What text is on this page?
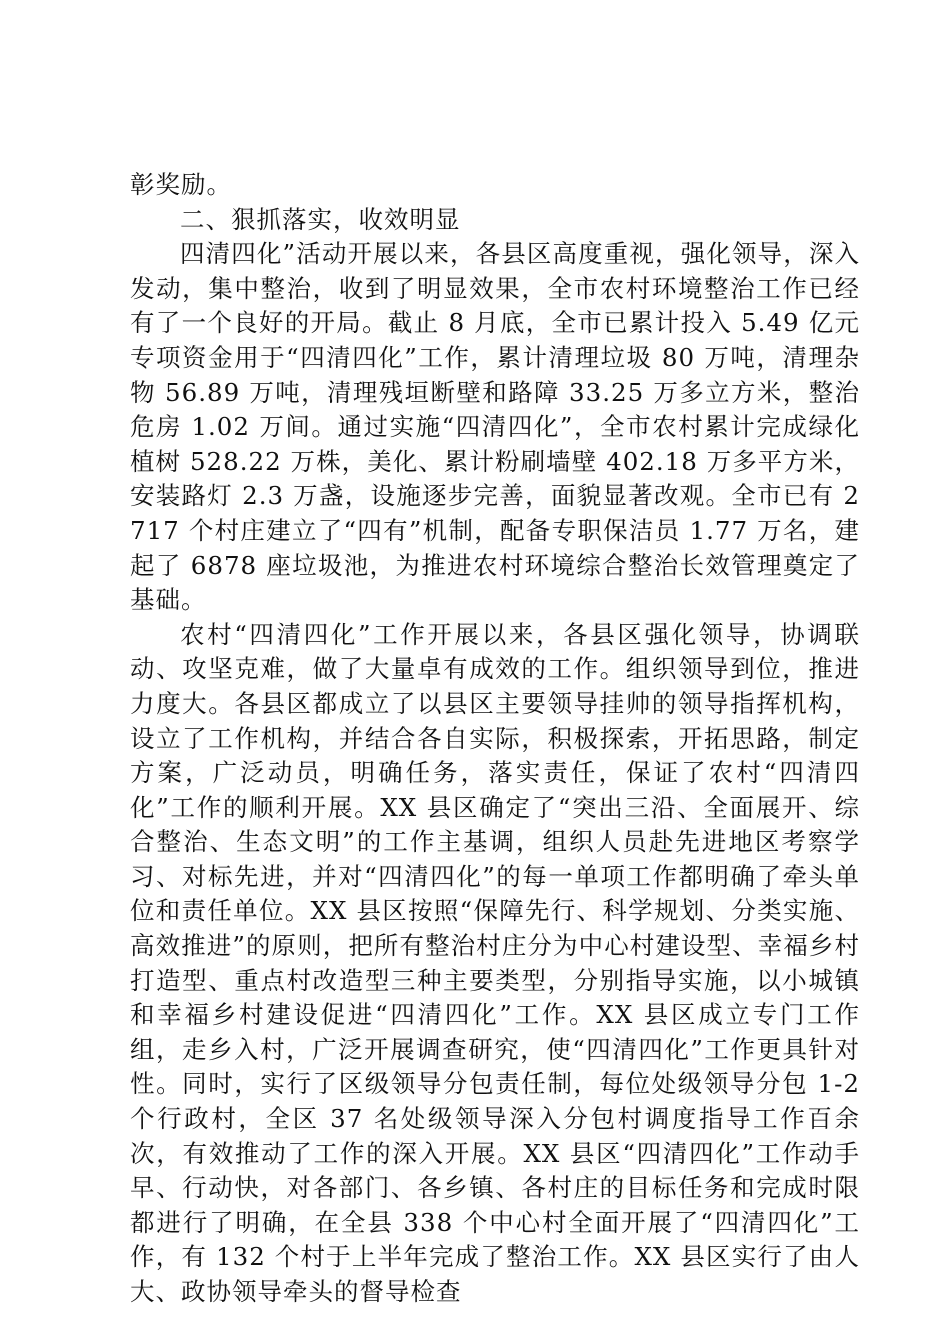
彰奖励。

二、狠抓落实，收效明显

四清四化”活动开展以来，各县区高度重视，强化领导，深入发动，集中整治，收到了明显效果，全市农村环境整治工作已经有了一个良好的开局。截止 8 月底，全市已累计投入 5.49 亿元专项资金用于“四清四化”工作，累计清理垃圾 80 万吨，清理杂物 56.89 万吨，清理残垣断壁和路障 33.25 万多立方米，整治危房 1.02 万间。通过实施“四清四化”，全市农村累计完成绿化植树 528.22 万株，美化、累计粉刷墙壁 402.18 万多平方米，安装路灯 2.3 万盏，设施逐步完善，面貌显著改观。全市已有 2717 个村庄建立了“四有”机制，配备专职保洁员 1.77 万名，建起了 6878 座垃圾池，为推进农村环境综合整治长效管理奠定了基础。

农村“四清四化”工作开展以来，各县区强化领导，协调联动、攻坚克难，做了大量卓有成效的工作。组织领导到位，推进力度大。各县区都成立了以县区主要领导挂帅的领导指挥机构，设立了工作机构，并结合各自实际，积极探索，开拓思路，制定方案，广泛动员，明确任务，落实责任，保证了农村“四清四化”工作的顺利开展。XX 县区确定了“突出三沿、全面展开、综合整治、生态文明”的工作主基调，组织人员赴先进地区考察学习、对标先进，并对“四清四化”的每一单项工作都明确了牵头单位和责任单位。XX 县区按照“保障先行、科学规划、分类实施、高效推进”的原则，把所有整治村庄分为中心村建设型、幸福乡村打造型、重点村改造型三种主要类型，分别指导实施，以小城镇和幸福乡村建设促进“四清四化”工作。XX 县区成立专门工作组，走乡入村，广泛开展调查研究，使“四清四化”工作更具针对性。同时，实行了区级领导分包责任制，每位处级领导分包 1-2 个行政村，全区 37 名处级领导深入分包村调度指导工作百余次，有效推动了工作的深入开展。XX 县区“四清四化”工作动手早、行动快，对各部门、各乡镇、各村庄的目标任务和完成时限都进行了明确，在全县 338 个中心村全面开展了“四清四化”工作，有 132 个村于上半年完成了整治工作。XX 县区实行了由人大、政协领导牵头的督导检查
